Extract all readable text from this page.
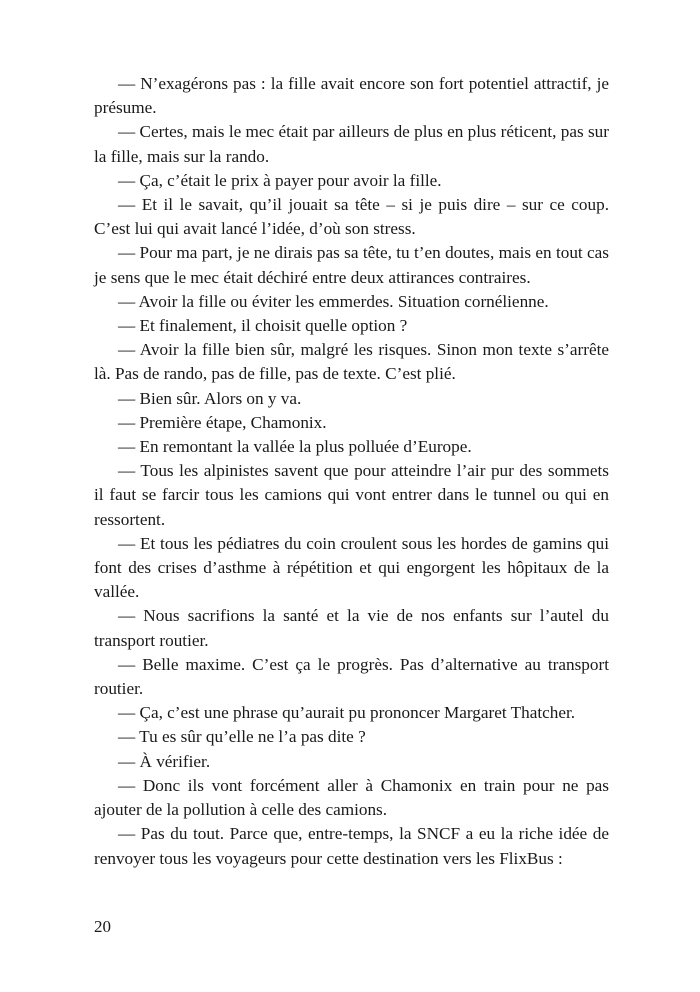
— N’exagérons pas : la fille avait encore son fort potentiel attractif, je présume.

— Certes, mais le mec était par ailleurs de plus en plus réticent, pas sur la fille, mais sur la rando.

— Ça, c’était le prix à payer pour avoir la fille.

— Et il le savait, qu’il jouait sa tête – si je puis dire – sur ce coup. C’est lui qui avait lancé l’idée, d’où son stress.

— Pour ma part, je ne dirais pas sa tête, tu t’en doutes, mais en tout cas je sens que le mec était déchiré entre deux attirances contraires.

— Avoir la fille ou éviter les emmerdes. Situation cornélienne.

— Et finalement, il choisit quelle option ?

— Avoir la fille bien sûr, malgré les risques. Sinon mon texte s’arrête là. Pas de rando, pas de fille, pas de texte. C’est plié.

— Bien sûr. Alors on y va.

— Première étape, Chamonix.

— En remontant la vallée la plus polluée d’Europe.

— Tous les alpinistes savent que pour atteindre l’air pur des sommets il faut se farcir tous les camions qui vont entrer dans le tunnel ou qui en ressortent.

— Et tous les pédiatres du coin croulent sous les hordes de gamins qui font des crises d’asthme à répétition et qui engorgent les hôpitaux de la vallée.

— Nous sacrifions la santé et la vie de nos enfants sur l’autel du transport routier.

— Belle maxime. C’est ça le progrès. Pas d’alternative au transport routier.

— Ça, c’est une phrase qu’aurait pu prononcer Margaret Thatcher.

— Tu es sûr qu’elle ne l’a pas dite ?

— À vérifier.

— Donc ils vont forcément aller à Chamonix en train pour ne pas ajouter de la pollution à celle des camions.

— Pas du tout. Parce que, entre-temps, la SNCF a eu la riche idée de renvoyer tous les voyageurs pour cette destination vers les FlixBus :

20
